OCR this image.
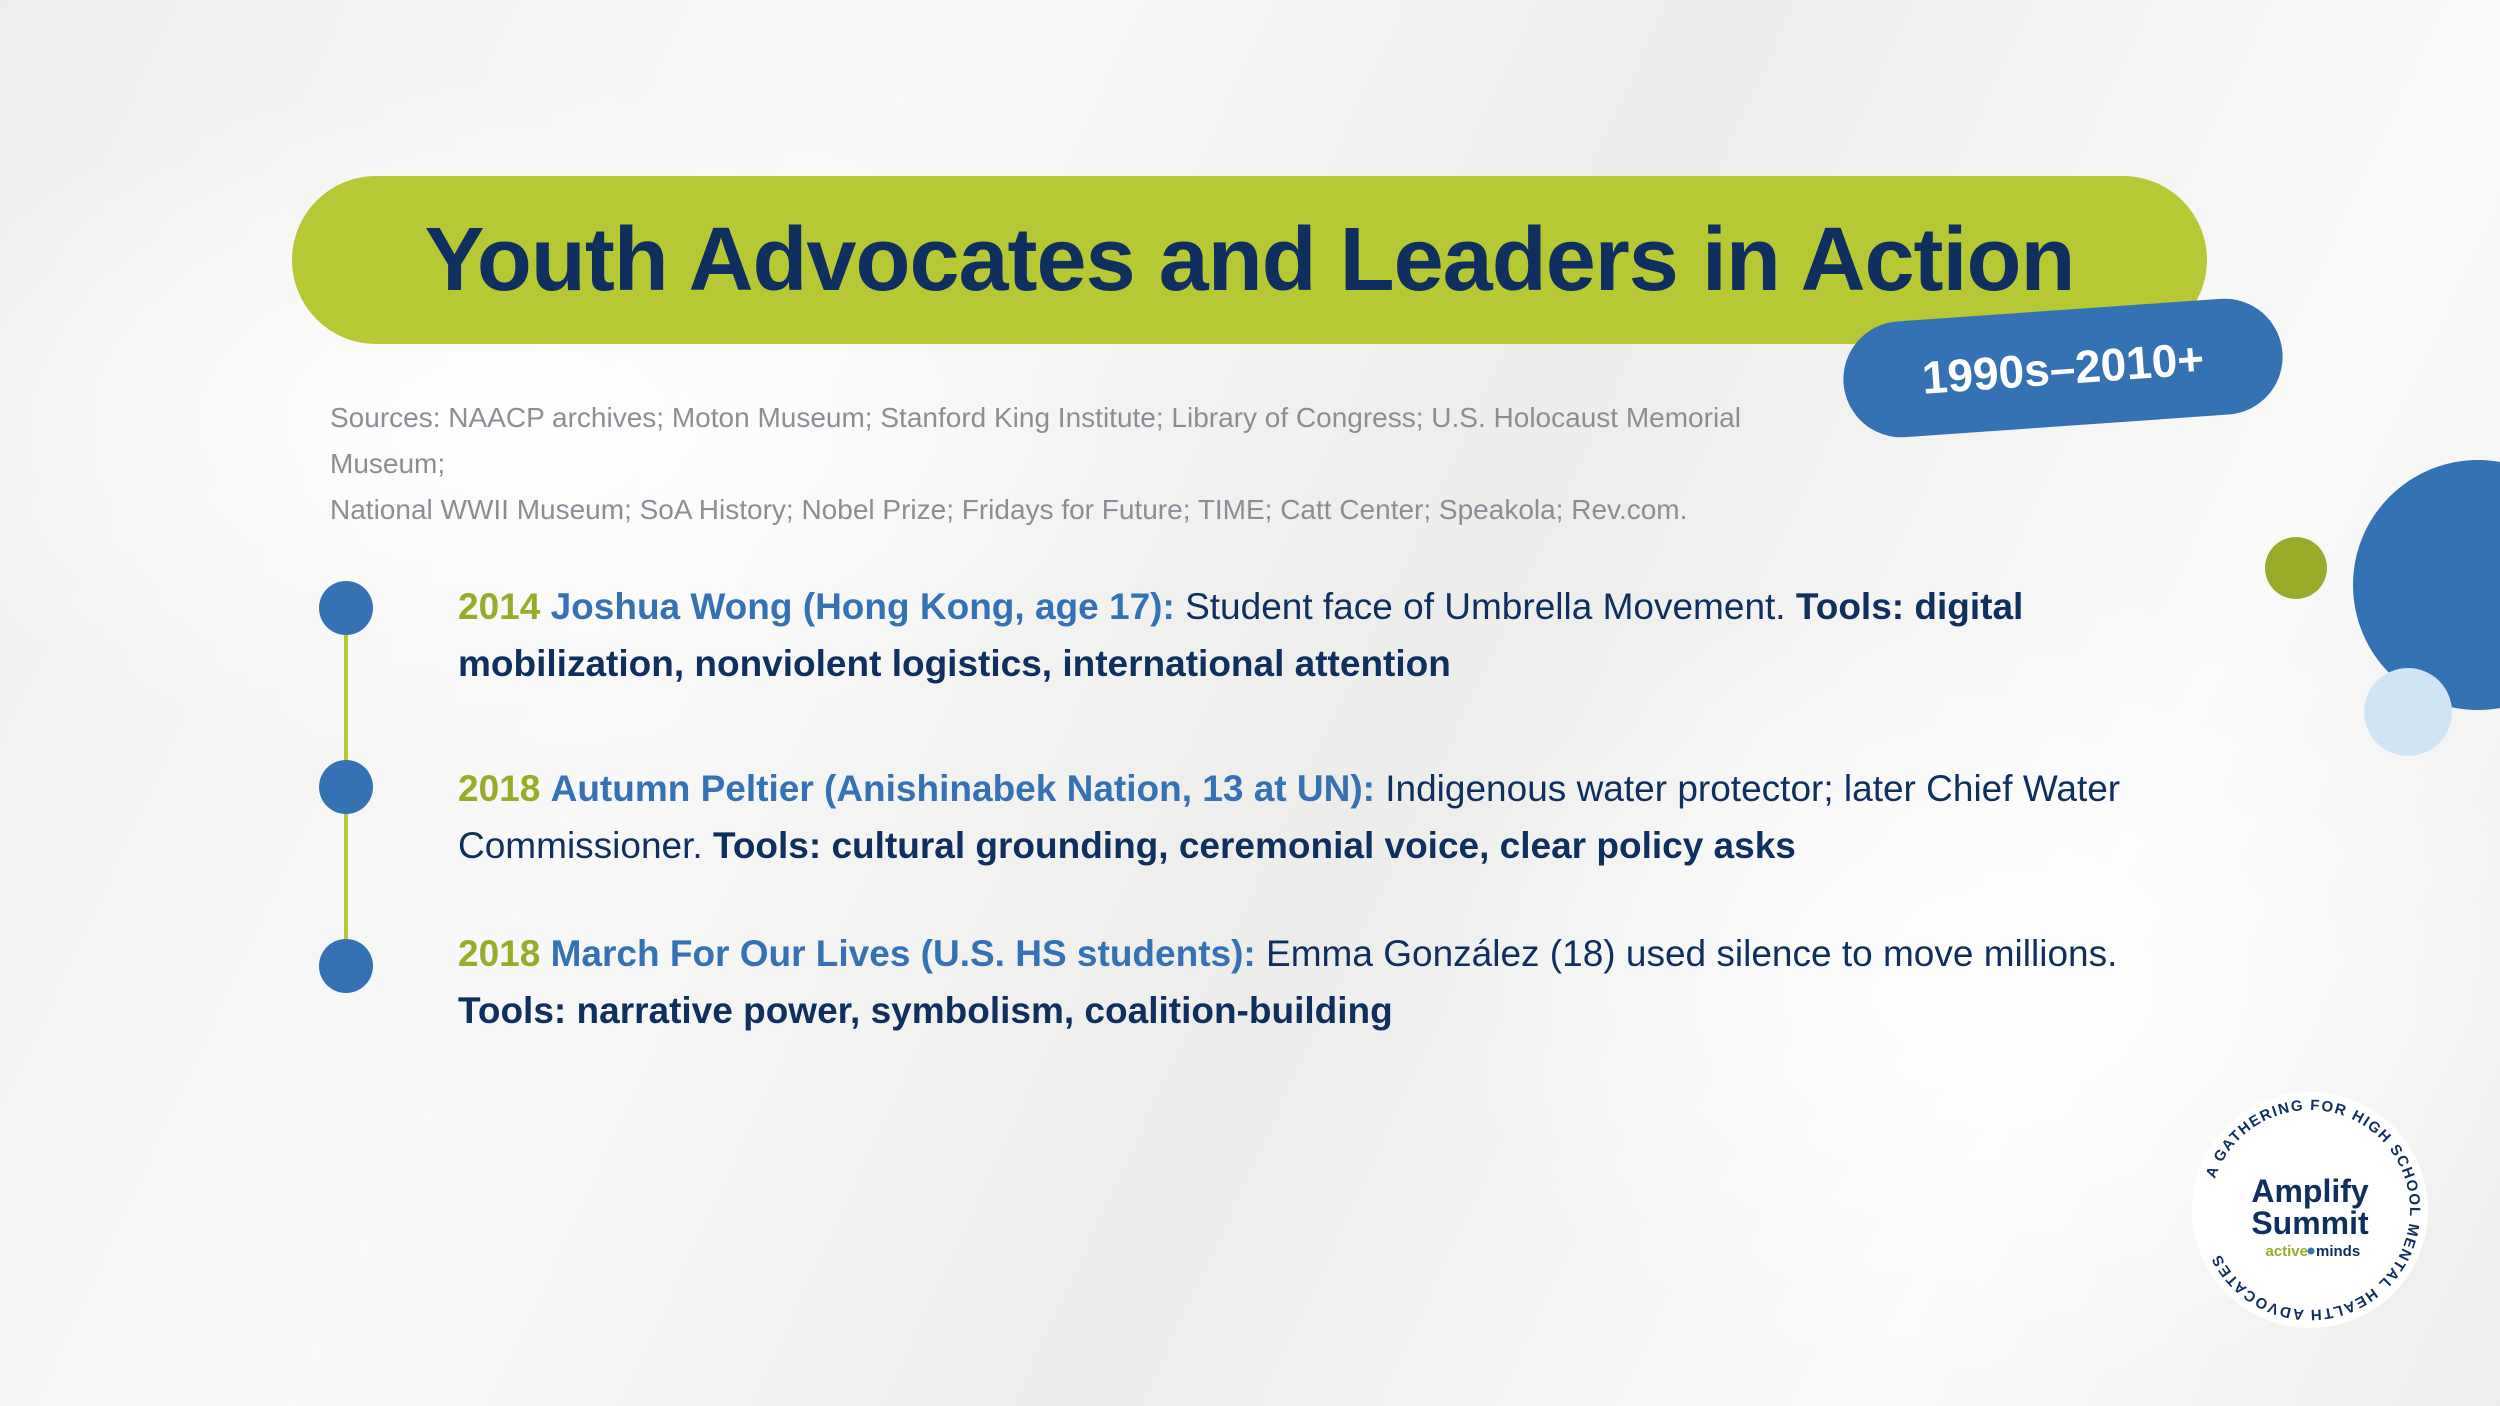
Youth Advocates and Leaders in Action
1990s–2010+
Sources: NAACP archives; Moton Museum; Stanford King Institute; Library of Congress; U.S. Holocaust Memorial Museum;
National WWII Museum; SoA History; Nobel Prize; Fridays for Future; TIME; Catt Center; Speakola; Rev.com.
2014 Joshua Wong (Hong Kong, age 17): Student face of Umbrella Movement. Tools: digital mobilization, nonviolent logistics, international attention
2018 Autumn Peltier (Anishinabek Nation, 13 at UN): Indigenous water protector; later Chief Water Commissioner. Tools: cultural grounding, ceremonial voice, clear policy asks
2018 March For Our Lives (U.S. HS students): Emma González (18) used silence to move millions. Tools: narrative power, symbolism, coalition-building
A GATHERING FOR HIGH SCHOOL MENTAL HEALTH ADVOCATES
Amplify
Summit
active minds
